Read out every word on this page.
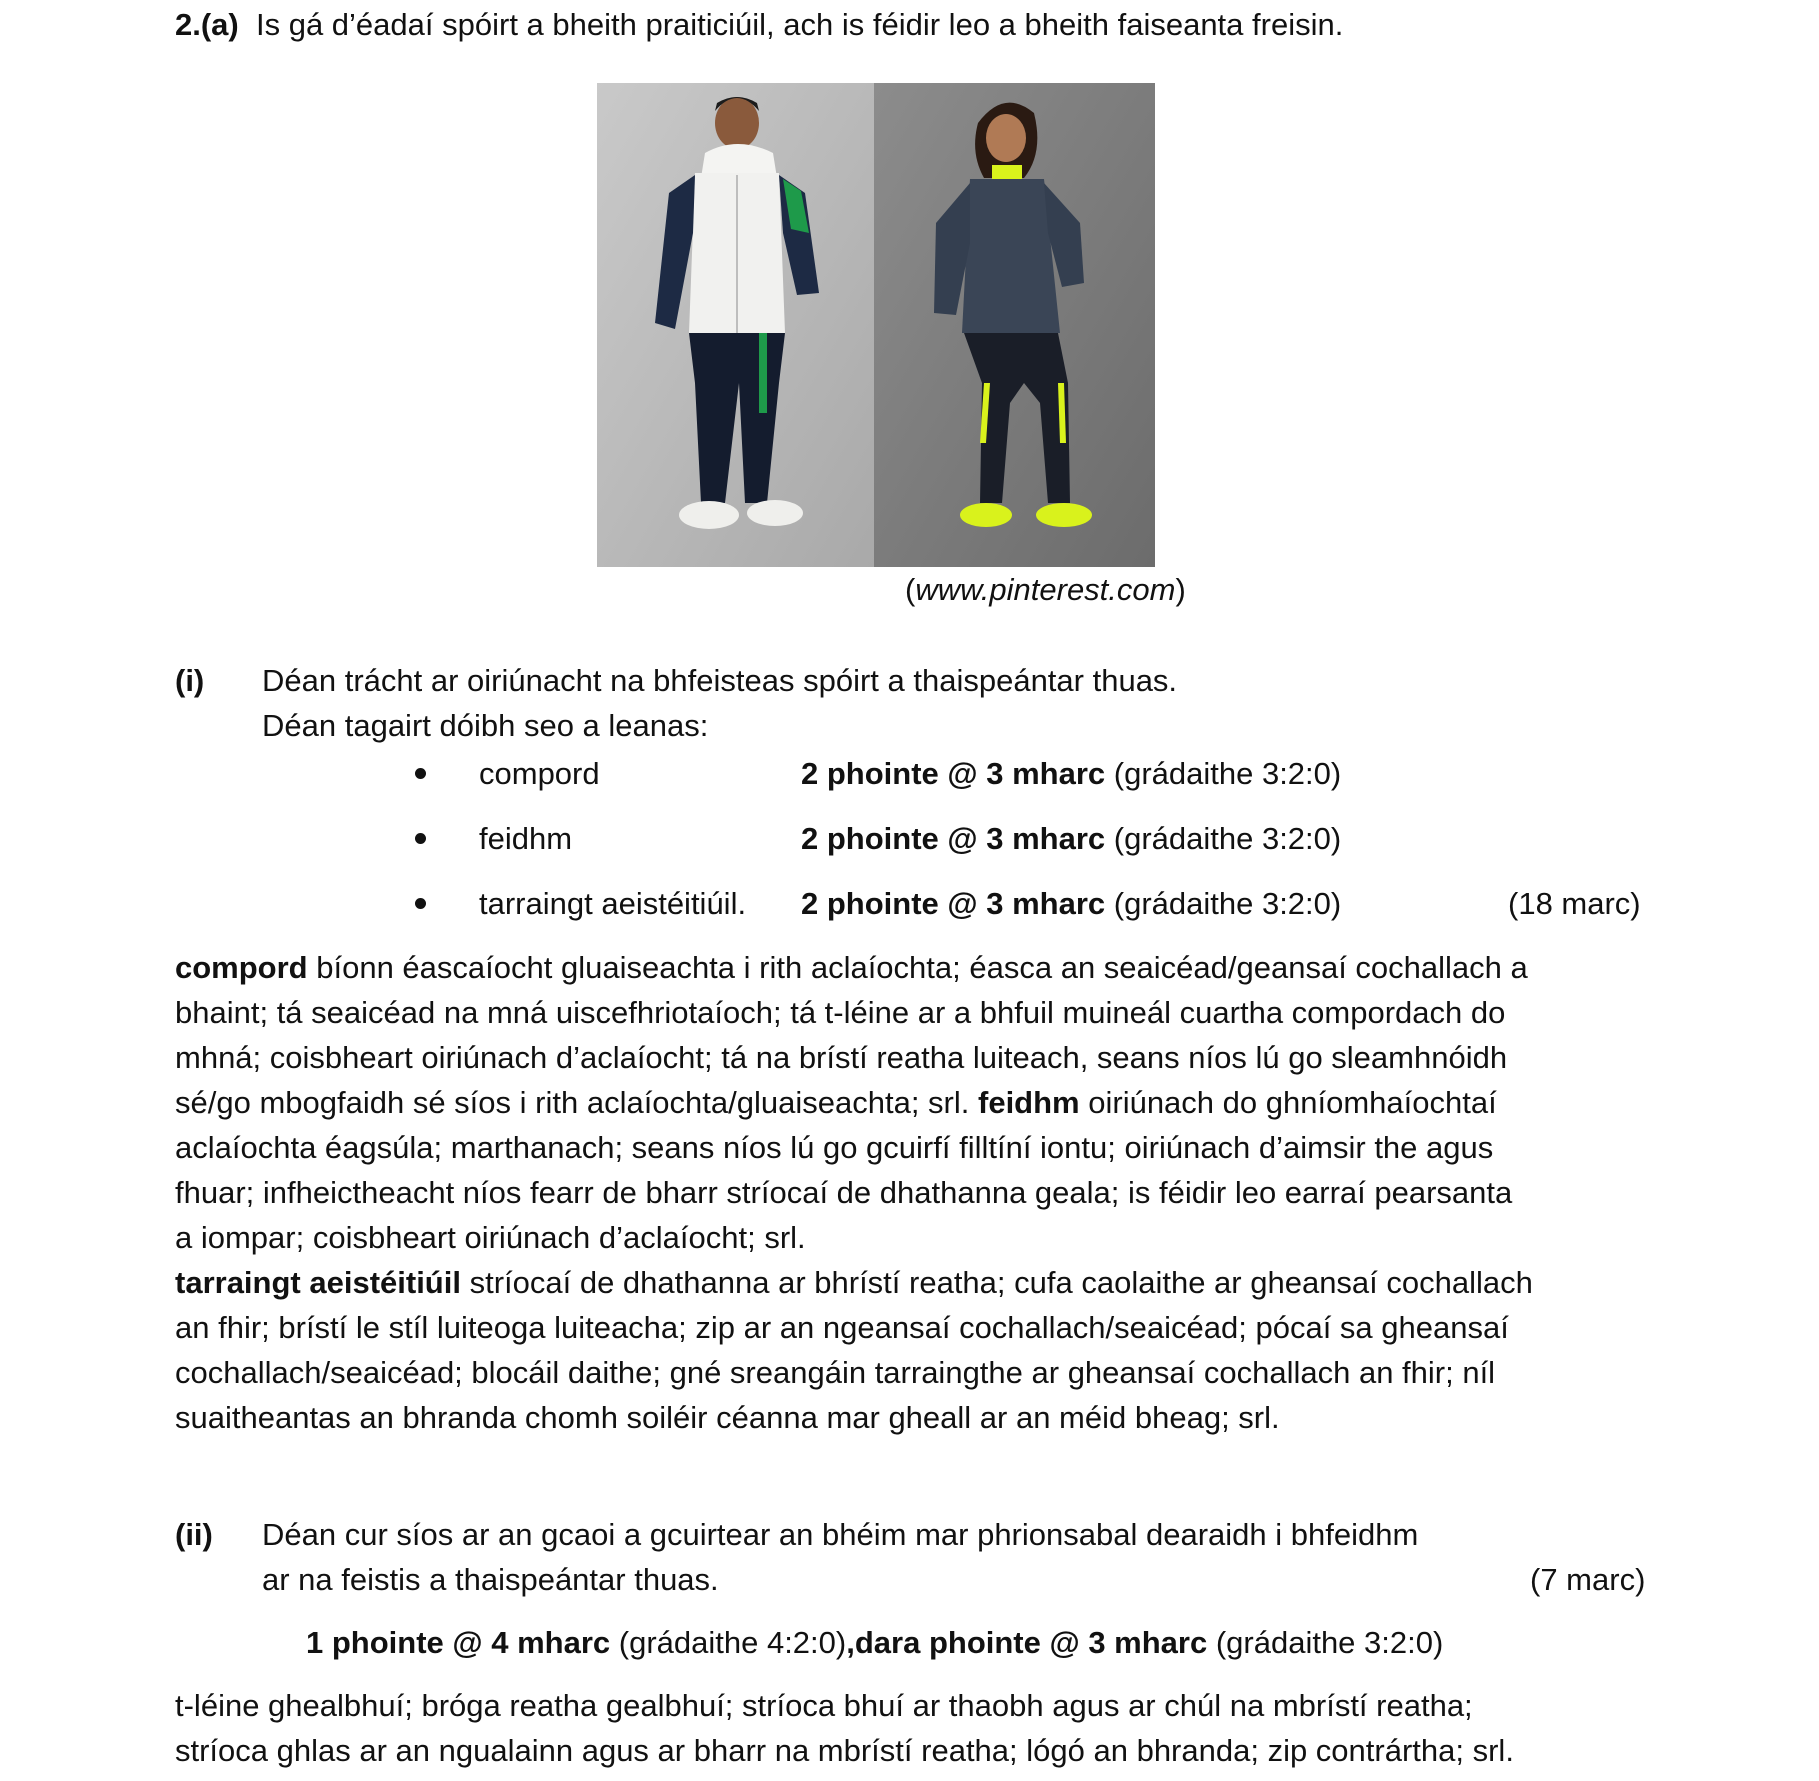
2.(a) Is gá d’éadaí spóirt a bheith praiticiúil, ach is féidir leo a bheith faiseanta freisin.
(www.pinterest.com)
(i) Déan trácht ar oiriúnacht na bhfeisteas spóirt a thaispeántar thuas.
Déan tagairt dóibh seo a leanas:
compord	2 phointe @ 3 mharc (grádaithe 3:2:0)
feidhm	2 phointe @ 3 mharc (grádaithe 3:2:0)
tarraingt aeistéitiúil. 2 phointe @ 3 mharc (grádaithe 3:2:0)	(18 marc)
compord bíonn éascaíocht gluaiseachta i rith aclaíochta; éasca an seaicéad/geansaí cochallach a
bhaint; tá seaicéad na mná uiscefhriotaíoch; tá t-léine ar a bhfuil muineál cuartha compordach do
mhná; coisbheart oiriúnach d’aclaíocht; tá na brístí reatha luiteach, seans níos lú go sleamhnóidh
sé/go mbogfaidh sé síos i rith aclaíochta/gluaiseachta; srl. feidhm oiriúnach do ghníomhaíochtaí
aclaíochta éagsúla; marthanach; seans níos lú go gcuirfí filltíní iontu; oiriúnach d’aimsir the agus
fhuar; infheictheacht níos fearr de bharr stríocaí de dhathanna geala; is féidir leo earraí pearsanta
a iompar; coisbheart oiriúnach d’aclaíocht; srl.
tarraingt aeistéitiúil stríocaí de dhathanna ar bhrístí reatha; cufa caolaithe ar gheansaí cochallach
an fhir; brístí le stíl luiteoga luiteacha; zip ar an ngeansaí cochallach/seaicéad; pócaí sa gheansaí
cochallach/seaicéad; blocáil daithe; gné sreangáin tarraingthe ar gheansaí cochallach an fhir; níl
suaitheantas an bhranda chomh soiléir céanna mar gheall ar an méid bheag; srl.
(ii) Déan cur síos ar an gcaoi a gcuirtear an bhéim mar phrionsabal dearaidh i bhfeidhm
ar na feistis a thaispeántar thuas.	(7 marc)
1 phointe @ 4 mharc (grádaithe 4:2:0),dara phointe @ 3 mharc (grádaithe 3:2:0)
t-léine ghealbhuí; bróga reatha gealbhuí; stríoca bhuí ar thaobh agus ar chúl na mbrístí reatha;
stríoca ghlas ar an ngualainn agus ar bharr na mbrístí reatha; lógó an bhranda; zip contrártha; srl.
